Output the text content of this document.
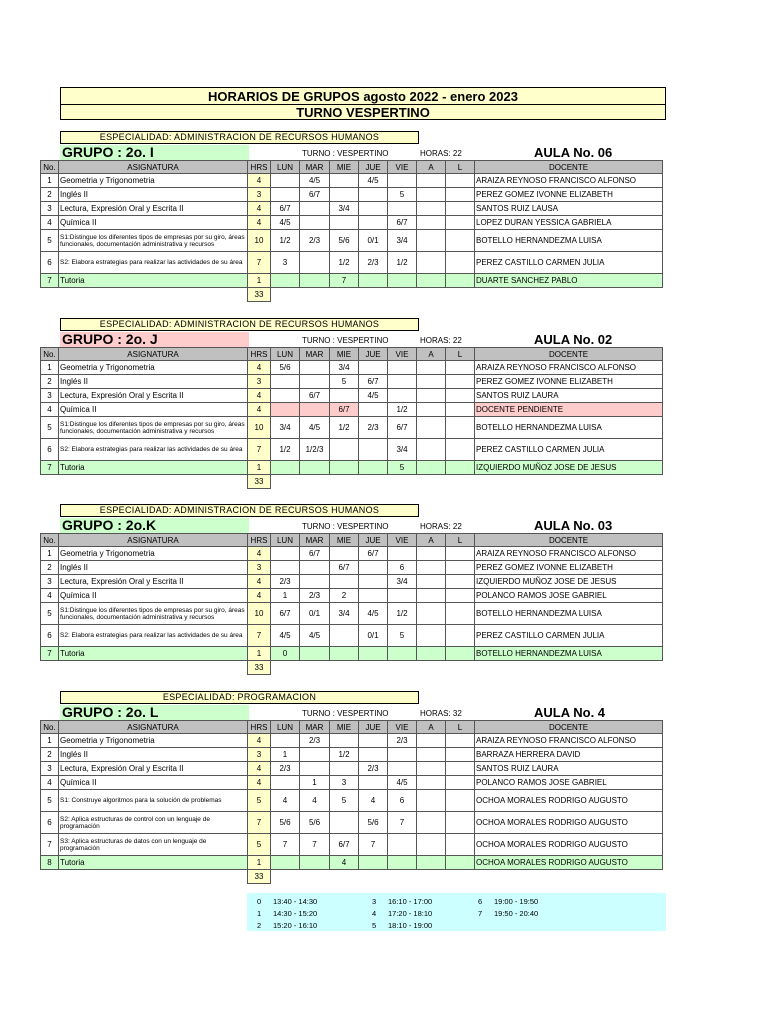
HORARIOS DE GRUPOS agosto 2022 - enero 2023
TURNO VESPERTINO
ESPECIALIDAD: ADMINISTRACION DE RECURSOS HUMANOS
GRUPO : 2o. I	TURNO : VESPERTINO	HORAS: 22	AULA No. 06
No.	ASIGNATURA	HRS	LUN	MAR	MIE	JUE	VIE	A	L	DOCENTE
1	Geometria y Trigonometria	4		4/5		4/5				ARAIZA REYNOSO FRANCISCO ALFONSO
2	Inglés II	3		6/7			5			PEREZ GOMEZ IVONNE ELIZABETH
3	Lectura, Expresión Oral y Escrita II	4	6/7		3/4					SANTOS RUIZ LAUSA
4	Química II	4	4/5				6/7			LOPEZ DURAN YESSICA GABRIELA
5	S1:Distingue los diferentes tipos de empresas por su giro, áreas funcionales, documentación administrativa y recursos	10	1/2	2/3	5/6	0/1	3/4			BOTELLO HERNANDEZMA LUISA
6	S2: Elabora estrategias para realizar las actividades de su área	7	3		1/2	2/3	1/2			PEREZ CASTILLO CARMEN JULIA
7	Tutoria	1			7					DUARTE SANCHEZ PABLO
		33								
ESPECIALIDAD: ADMINISTRACION DE RECURSOS HUMANOS
GRUPO : 2o. J	TURNO : VESPERTINO	HORAS: 22	AULA No. 02
No.	ASIGNATURA	HRS	LUN	MAR	MIE	JUE	VIE	A	L	DOCENTE
1	Geometria y Trigonometria	4	5/6		3/4					ARAIZA REYNOSO FRANCISCO ALFONSO
2	Inglés II	3			5	6/7				PEREZ GOMEZ IVONNE ELIZABETH
3	Lectura, Expresión Oral y Escrita II	4		6/7		4/5				SANTOS RUIZ LAURA
4	Química II	4			6/7		1/2			DOCENTE PENDIENTE
5	S1:Distingue los diferentes tipos de empresas por su giro, áreas funcionales, documentación administrativa y recursos	10	3/4	4/5	1/2	2/3	6/7			BOTELLO HERNANDEZMA LUISA
6	S2: Elabora estrategias para realizar las actividades de su área	7	1/2	1/2/3			3/4			PEREZ CASTILLO CARMEN JULIA
7	Tutoria	1					5			IZQUIERDO MUÑOZ JOSE DE JESUS
		33								
ESPECIALIDAD: ADMINISTRACION DE RECURSOS HUMANOS
GRUPO : 2o.K	TURNO : VESPERTINO	HORAS: 22	AULA No. 03
No.	ASIGNATURA	HRS	LUN	MAR	MIE	JUE	VIE	A	L	DOCENTE
1	Geometria y Trigonometria	4		6/7		6/7				ARAIZA REYNOSO FRANCISCO ALFONSO
2	Inglés II	3			6/7		6			PEREZ GOMEZ IVONNE ELIZABETH
3	Lectura, Expresión Oral y Escrita II	4	2/3				3/4			IZQUIERDO MUÑOZ JOSE DE JESUS
4	Química II	4	1	2/3	2					POLANCO RAMOS JOSE GABRIEL
5	S1:Distingue los diferentes tipos de empresas por su giro, áreas funcionales, documentación administrativa y recursos	10	6/7	0/1	3/4	4/5	1/2			BOTELLO HERNANDEZMA LUISA
6	S2: Elabora estrategias para realizar las actividades de su área	7	4/5	4/5		0/1	5			PEREZ CASTILLO CARMEN JULIA
7	Tutoria	1	0							BOTELLO HERNANDEZMA LUISA
		33								
ESPECIALIDAD: PROGRAMACION
GRUPO : 2o. L	TURNO : VESPERTINO	HORAS: 32	AULA No. 4
No.	ASIGNATURA	HRS	LUN	MAR	MIE	JUE	VIE	A	L	DOCENTE
1	Geometria y Trigonometria	4		2/3			2/3			ARAIZA REYNOSO FRANCISCO ALFONSO
2	Inglés II	3	1		1/2					BARRAZA HERRERA DAVID
3	Lectura, Expresión Oral y Escrita II	4	2/3			2/3				SANTOS RUIZ LAURA
4	Química II	4		1	3		4/5			POLANCO RAMOS JOSE GABRIEL
5	S1: Construye algoritmos para la solución de problemas	5	4	4	5	4	6			OCHOA MORALES RODRIGO AUGUSTO
6	S2: Aplica estructuras de control con un lenguaje de programación	7	5/6	5/6		5/6	7			OCHOA MORALES RODRIGO AUGUSTO
7	S3: Aplica estructuras de datos con un lenguaje de programación	5	7	7	6/7	7				OCHOA MORALES RODRIGO AUGUSTO
8	Tutoria	1			4					OCHOA MORALES RODRIGO AUGUSTO
		33								
0 13:40 - 14:30
1 14:30 - 15:20
2 15:20 - 16:10
3 16:10 - 17:00
4 17:20 - 18:10
5 18:10 - 19:00
6 19:00 - 19:50
7 19:50 - 20:40
